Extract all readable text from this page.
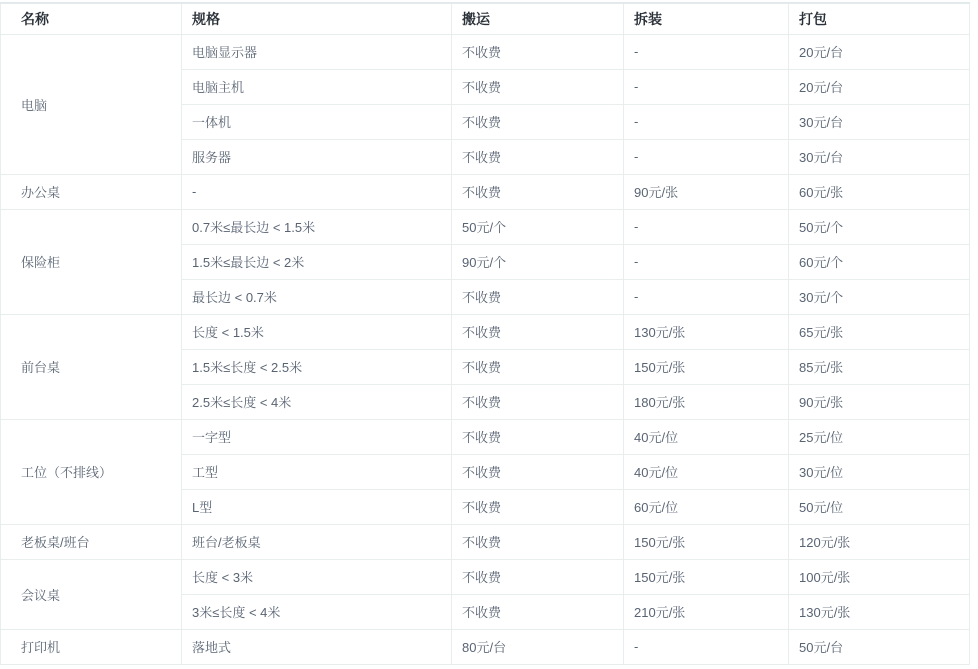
名称	规格	搬运	拆装	打包
电脑	电脑显示器	不收费	-	20元/台
	电脑主机	不收费	-	20元/台
	一体机	不收费	-	30元/台
	服务器	不收费	-	30元/台
办公桌	-	不收费	90元/张	60元/张
保险柜	0.7米≤最长边 < 1.5米	50元/个	-	50元/个
	1.5米≤最长边 < 2米	90元/个	-	60元/个
	最长边 < 0.7米	不收费	-	30元/个
前台桌	长度 < 1.5米	不收费	130元/张	65元/张
	1.5米≤长度 < 2.5米	不收费	150元/张	85元/张
	2.5米≤长度 < 4米	不收费	180元/张	90元/张
工位（不排线）	一字型	不收费	40元/位	25元/位
	工型	不收费	40元/位	30元/位
	L型	不收费	60元/位	50元/位
老板桌/班台	班台/老板桌	不收费	150元/张	120元/张
会议桌	长度 < 3米	不收费	150元/张	100元/张
	3米≤长度 < 4米	不收费	210元/张	130元/张
打印机	落地式	80元/台	-	50元/台
